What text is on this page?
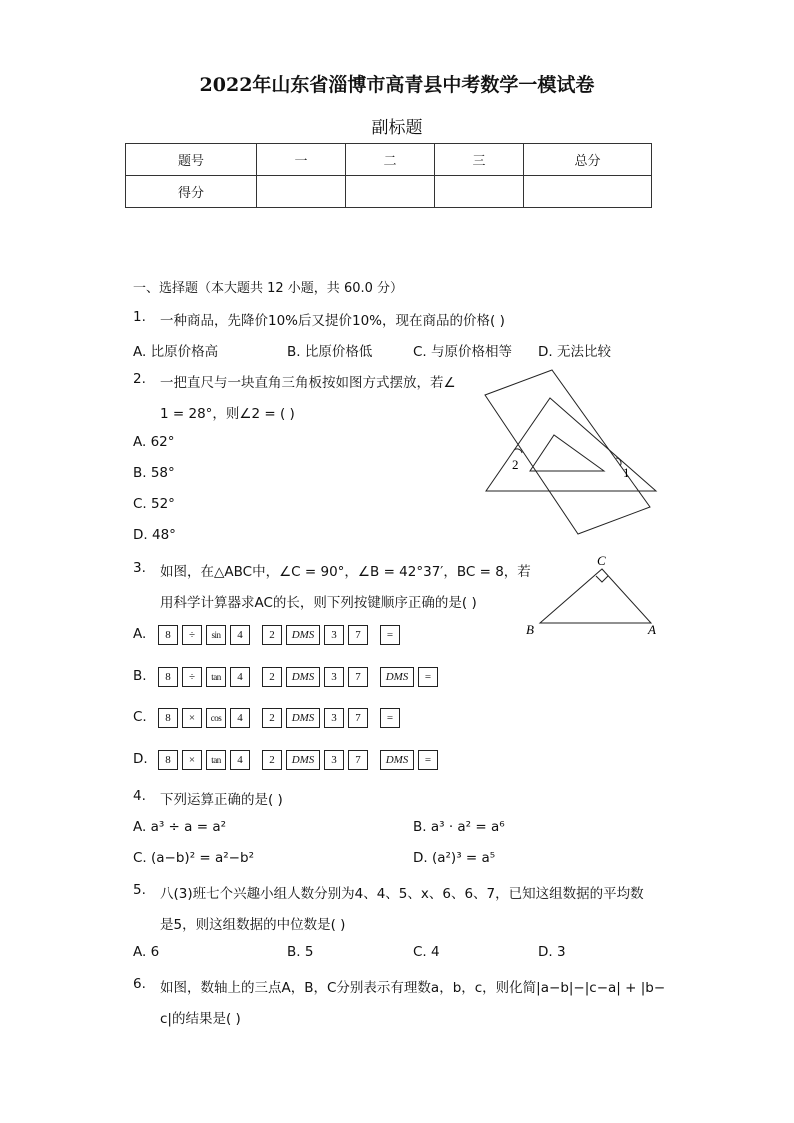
2022年山东省淄博市高青县中考数学一模试卷
副标题
题号	一	二	三	总分
得分				
一、选择题（本大题共 12 小题，共 60.0 分）
1. 一种商品，先降价10%后又提价10%，现在商品的价格( )
A. 比原价格高	B. 比原价格低	C. 与原价格相等 D. 无法比较
2. 一把直尺与一块直角三角板按如图方式摆放，若∠
1 = 28°，则∠2 = ( )
A. 62°
B. 58°
C. 52°
D. 48°
2
1
3. 如图，在△ABC中，∠C = 90°，∠B = 42°37′，BC = 8，若
用科学计算器求AC的长，则下列按键顺序正确的是( )
C
B	A
A.	8 ÷ sin 4 2 DMS 3 7 =
B.	8 ÷ tan 4 2 DMS 3 7 DMS =
C.	8 × cos 4 2 DMS 3 7 =
D.	8 × tan 4 2 DMS 3 7 DMS =
4. 下列运算正确的是( )
A. a³ ÷ a = a²	B. a³ · a² = a⁶
C. (a−b)² = a²−b²	D. (a²)³ = a⁵
5. 八(3)班七个兴趣小组人数分别为4、4、5、x、6、6、7，已知这组数据的平均数
是5，则这组数据的中位数是( )
A. 6	B. 5	C. 4	D. 3
6. 如图，数轴上的三点A，B，C分别表示有理数a，b，c，则化简|a−b|−|c−a| + |b−
c|的结果是( )
